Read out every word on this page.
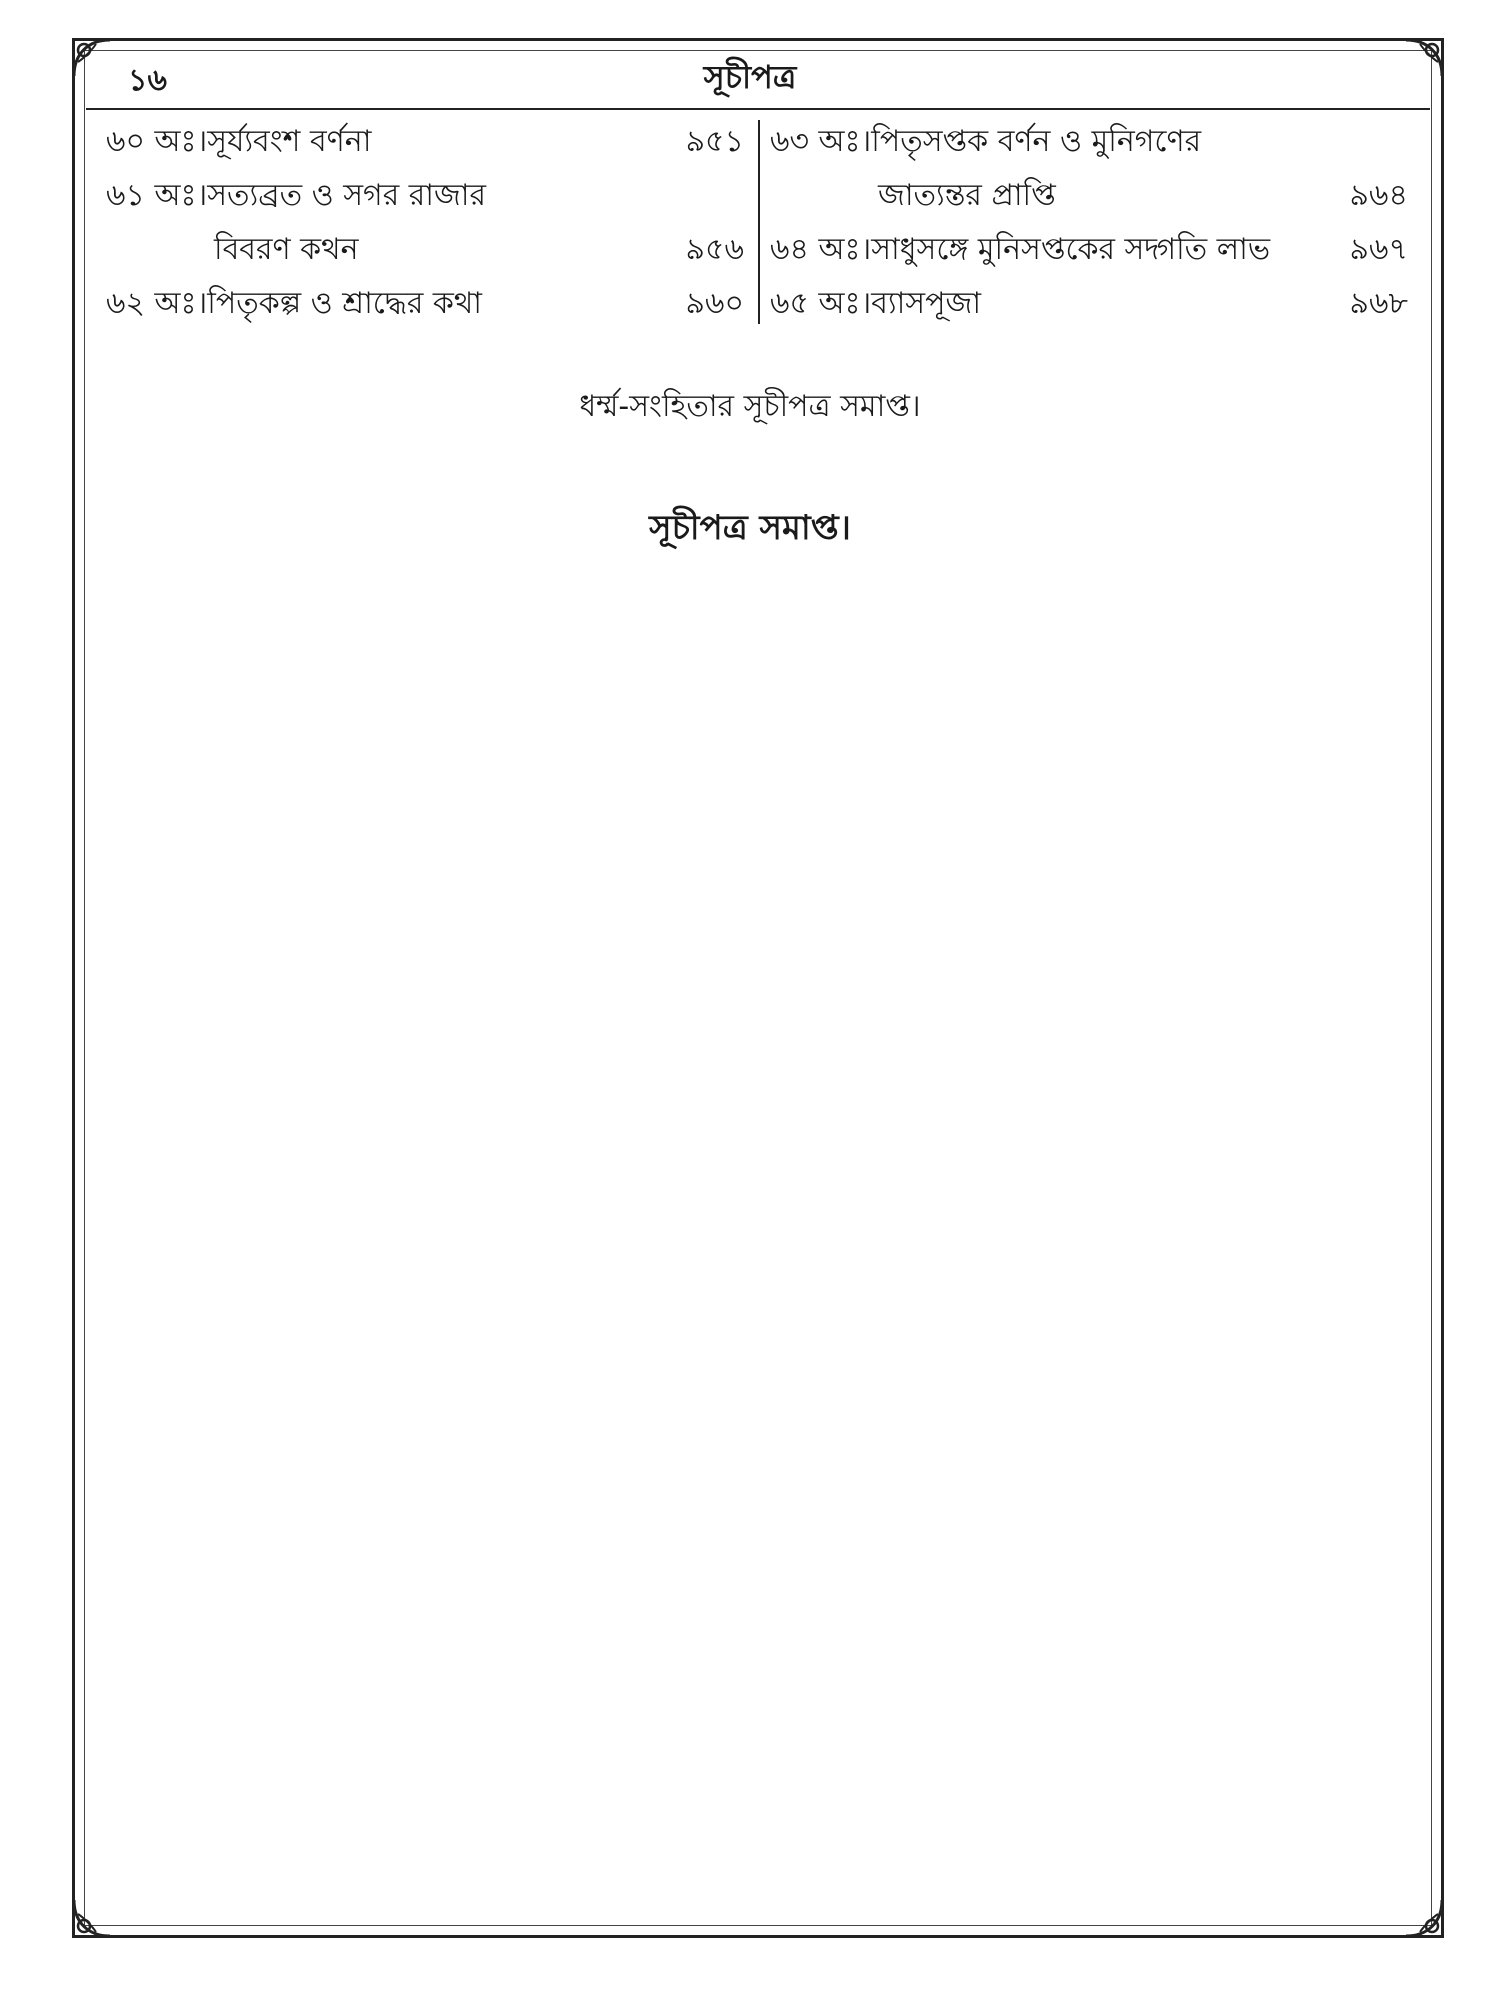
১৬	সূচীপত্র
৬০ অঃ।সূর্য্যবংশ বর্ণনা	৯৫১
৬১ অঃ।সত্যব্রত ও সগর রাজার
বিবরণ কথন	৯৫৬
৬২ অঃ।পিতৃকল্প ও শ্রাদ্ধের কথা	৯৬০
৬৩ অঃ।পিতৃসপ্তক বর্ণন ও মুনিগণের
জাত্যন্তর প্রাপ্তি	৯৬৪
৬৪ অঃ।সাধুসঙ্গে মুনিসপ্তকের সদ্গতি লাভ	৯৬৭
৬৫ অঃ।ব্যাসপূজা	৯৬৮
ধর্ম্ম-সংহিতার সূচীপত্র সমাপ্ত।
সূচীপত্র সমাপ্ত।
